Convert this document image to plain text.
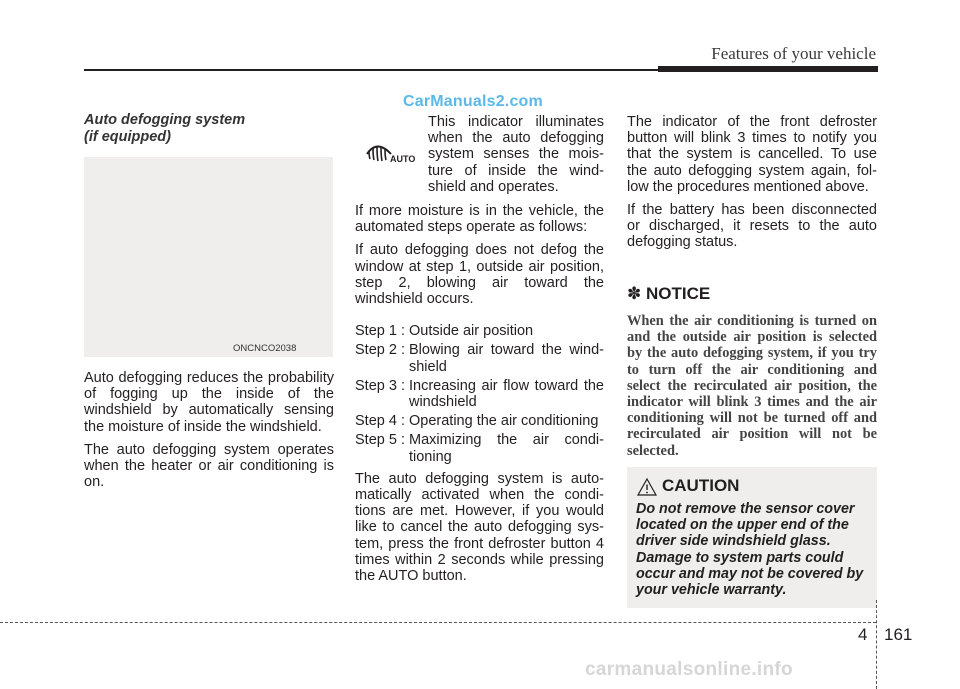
Features of your vehicle
Auto defogging system
(if equipped)
ONCNCO2038

Auto defogging reduces the probability of fogging up the inside of the windshield by automatically sensing the moisture of inside the windshield.

The auto defogging system operates when the heater or air conditioning is on.

CarManuals2.com
AUTO

This indicator illuminates when the auto defogging system senses the moisture of inside the windshield and operates.

If more moisture is in the vehicle, the automated steps operate as follows:

If auto defogging does not defog the window at step 1, outside air position, step 2, blowing air toward the windshield occurs.

Step 1 : Outside air position
Step 2 : Blowing air toward the windshield
Step 3 : Increasing air flow toward the windshield
Step 4 : Operating the air conditioning
Step 5 : Maximizing the air conditioning

The auto defogging system is automatically activated when the conditions are met. However, if you would like to cancel the auto defogging system, press the front defroster button 4 times within 2 seconds while pressing the AUTO button.

The indicator of the front defroster button will blink 3 times to notify you that the system is cancelled. To use the auto defogging system again, follow the procedures mentioned above.

If the battery has been disconnected or discharged, it resets to the auto defogging status.

✽ NOTICE
When the air conditioning is turned on and the outside air position is selected by the auto defogging system, if you try to turn off the air conditioning and select the recirculated air position, the indicator will blink 3 times and the air conditioning will not be turned off and recirculated air position will not be selected.
CAUTION
Do not remove the sensor cover located on the upper end of the driver side windshield glass. Damage to system parts could occur and may not be covered by your vehicle warranty.
4 161
carmanualsonline.info
